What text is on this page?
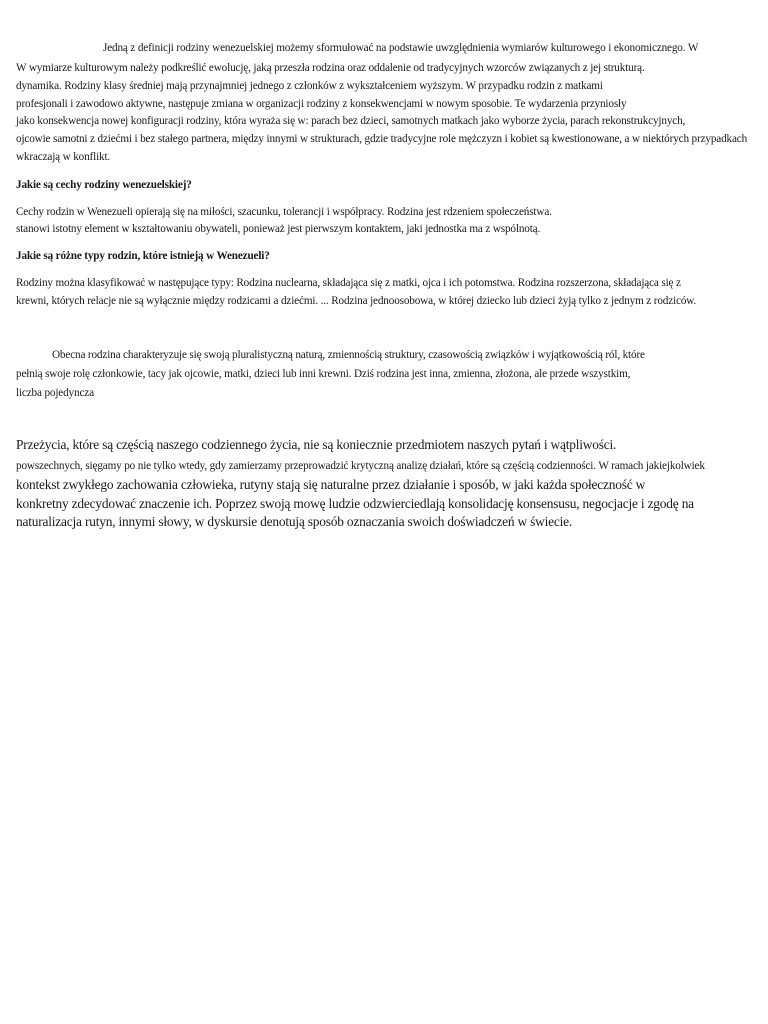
Jedną z definicji rodziny wenezuelskiej możemy sformułować na podstawie uwzględnienia wymiarów kulturowego i ekonomicznego. W
W wymiarze kulturowym należy podkreślić ewolucję, jaką przeszła rodzina oraz oddalenie od tradycyjnych wzorców związanych z jej strukturą.
dynamika. Rodziny klasy średniej mają przynajmniej jednego z członków z wykształceniem wyższym. W przypadku rodzin z matkami
profesjonali i zawodowo aktywne, następuje zmiana w organizacji rodziny z konsekwencjami w nowym sposobie. Te wydarzenia przyniosły
jako konsekwencja nowej konfiguracji rodziny, która wyraża się w: parach bez dzieci, samotnych matkach jako wyborze życia, parach rekonstrukcyjnych,
ojcowie samotni z dziećmi i bez stałego partnera, między innymi w strukturach, gdzie tradycyjne role mężczyzn i kobiet są kwestionowane, a w niektórych przypadkach
wkraczają w konflikt.
Jakie są cechy rodziny wenezuelskiej?
Cechy rodzin w Wenezueli opierają się na miłości, szacunku, tolerancji i współpracy. Rodzina jest rdzeniem społeczeństwa.
stanowi istotny element w kształtowaniu obywateli, ponieważ jest pierwszym kontaktem, jaki jednostka ma z wspólnotą.
Jakie są różne typy rodzin, które istnieją w Wenezueli?
Rodziny można klasyfikować w następujące typy: Rodzina nuclearna, składająca się z matki, ojca i ich potomstwa. Rodzina rozszerzona, składająca się z
krewni, których relacje nie są wyłącznie między rodzicami a dziećmi. ... Rodzina jednoosobowa, w której dziecko lub dzieci żyją tylko z jednym z rodziców.
Obecna rodzina charakteryzuje się swoją pluralistyczną naturą, zmiennością struktury, czasowością związków i wyjątkowością ról, które
pełnią swoje rolę członkowie, tacy jak ojcowie, matki, dzieci lub inni krewni. Dziś rodzina jest inna, zmienna, złożona, ale przede wszystkim,
liczba pojedyncza
Przeżycia, które są częścią naszego codziennego życia, nie są koniecznie przedmiotem naszych pytań i wątpliwości.
powszechnych, sięgamy po nie tylko wtedy, gdy zamierzamy przeprowadzić krytyczną analizę działań, które są częścią codzienności. W ramach jakiejkolwiek
kontekst zwykłego zachowania człowieka, rutyny stają się naturalne przez działanie i sposób, w jaki każda społeczność w
konkretny zdecydować znaczenie ich. Poprzez swoją mowę ludzie odzwierciedlają konsolidację konsensusu, negocjacje i zgodę na
naturalizacja rutyn, innymi słowy, w dyskursie denotują sposób oznaczania swoich doświadczeń w świecie.
